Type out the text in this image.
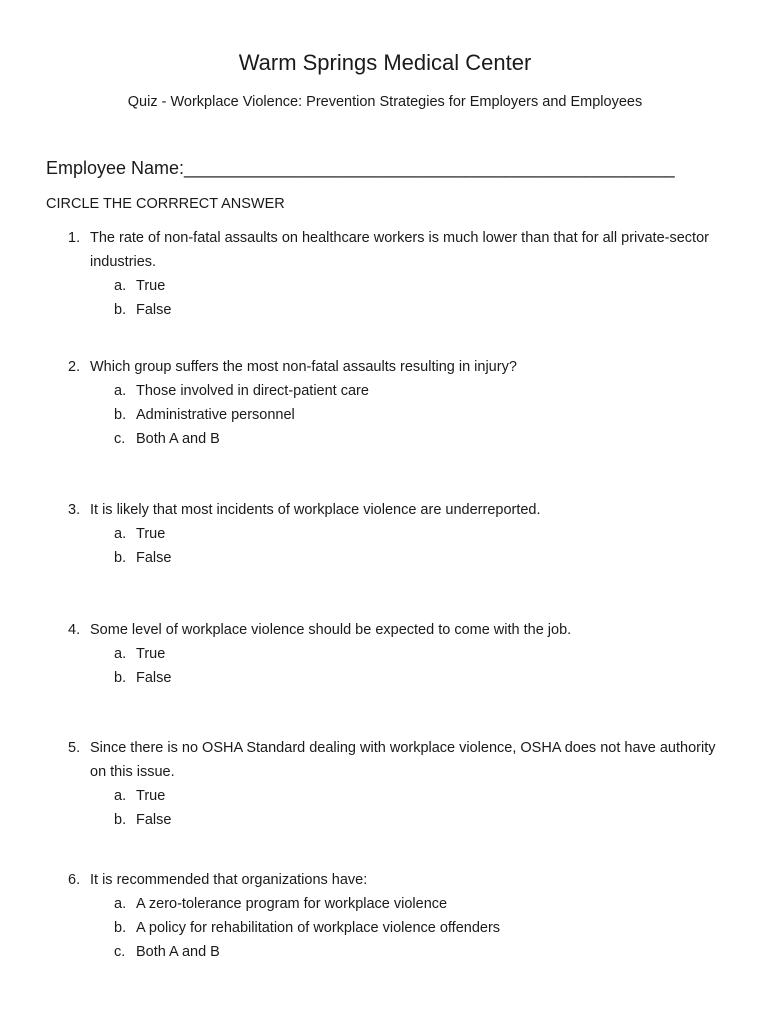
Warm Springs Medical Center
Quiz - Workplace Violence: Prevention Strategies for Employers and Employees
Employee Name:_________________________________________________
CIRCLE THE CORRRECT ANSWER
1. The rate of non-fatal assaults on healthcare workers is much lower than that for all private-sector industries.
a. True
b. False
2. Which group suffers the most non-fatal assaults resulting in injury?
a. Those involved in direct-patient care
b. Administrative personnel
c. Both A and B
3. It is likely that most incidents of workplace violence are underreported.
a. True
b. False
4. Some level of workplace violence should be expected to come with the job.
a. True
b. False
5. Since there is no OSHA Standard dealing with workplace violence, OSHA does not have authority on this issue.
a. True
b. False
6. It is recommended that organizations have:
a. A zero-tolerance program for workplace violence
b. A policy for rehabilitation of workplace violence offenders
c. Both A and B
